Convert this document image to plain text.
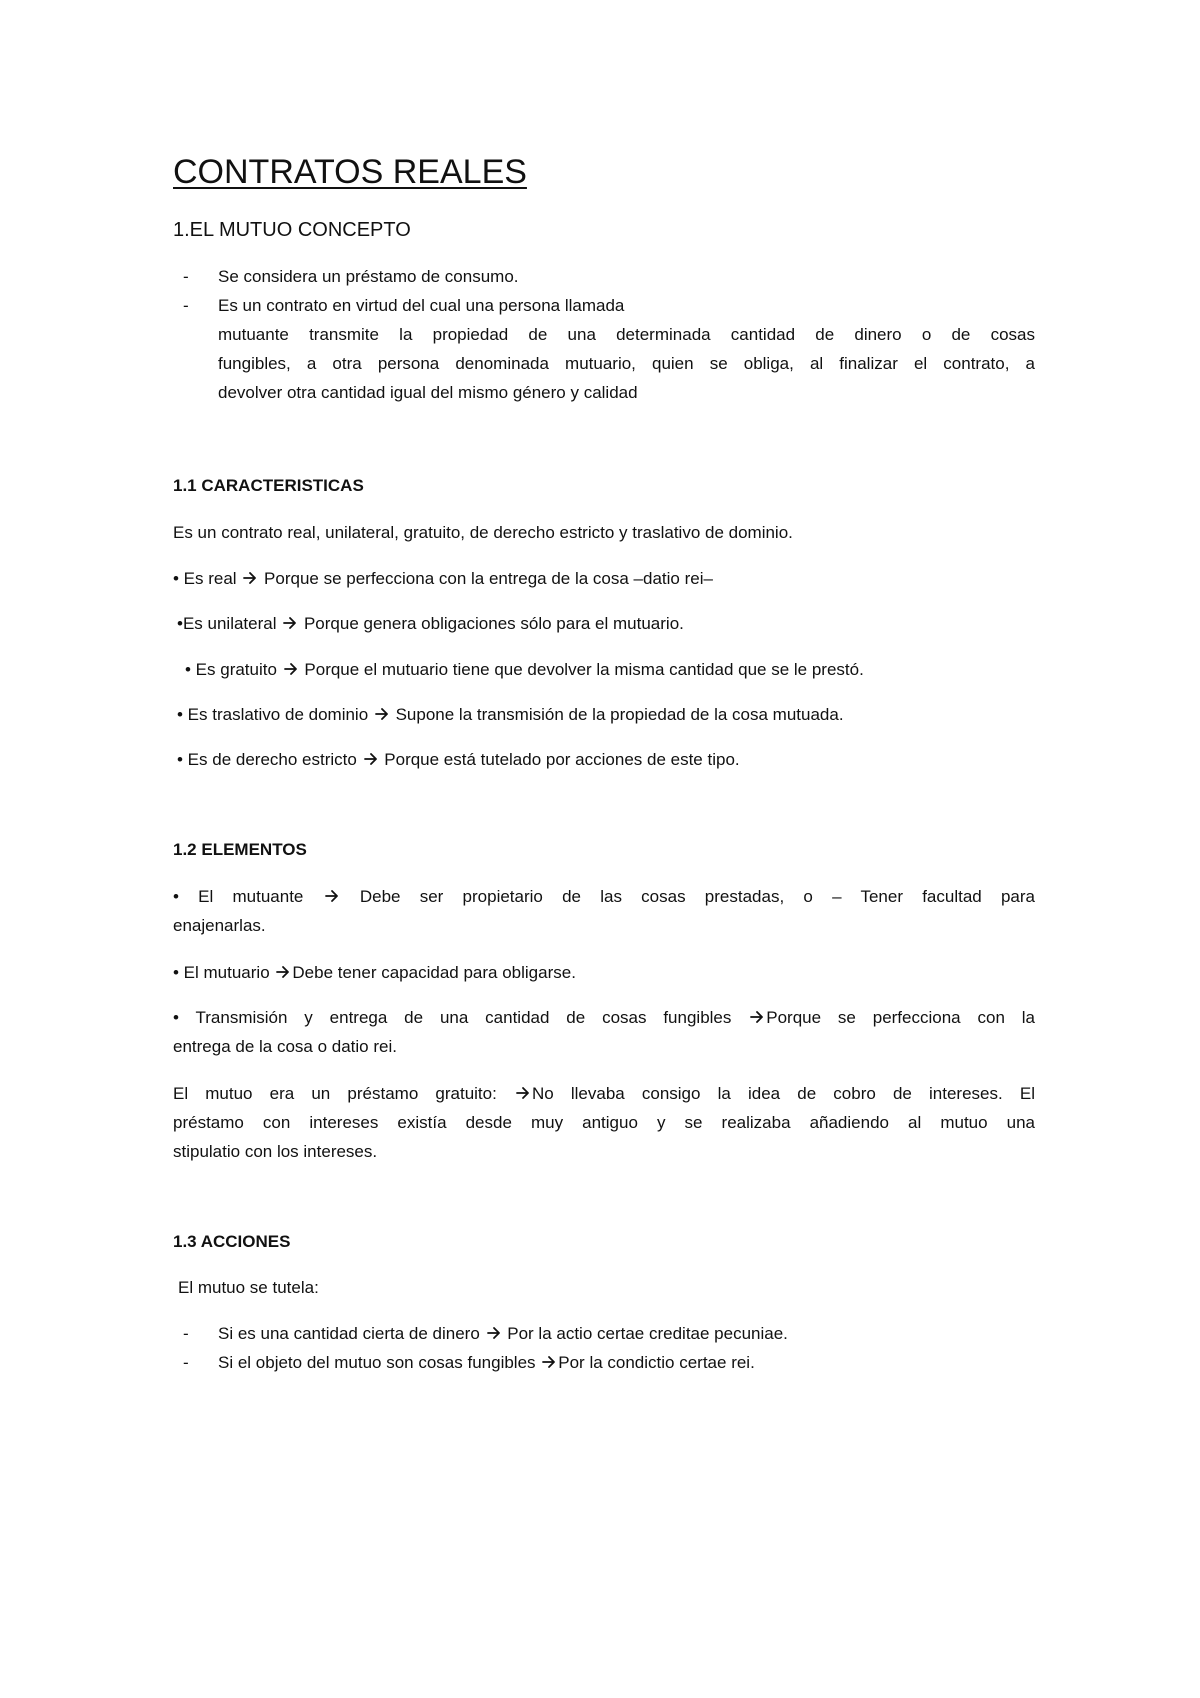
CONTRATOS REALES
1.EL MUTUO CONCEPTO
-	Se considera un préstamo de consumo.
-	Es un contrato en virtud del cual una persona llamada
mutuante transmite la propiedad de una determinada cantidad de dinero o de cosas
fungibles, a otra persona denominada mutuario, quien se obliga, al finalizar el contrato, a
devolver otra cantidad igual del mismo género y calidad
1.1 CARACTERISTICAS
Es un contrato real, unilateral, gratuito, de derecho estricto y traslativo de dominio.
• Es real  Porque se perfecciona con la entrega de la cosa –datio rei–
•Es unilateral  Porque genera obligaciones sólo para el mutuario.
• Es gratuito  Porque el mutuario tiene que devolver la misma cantidad que se le prestó.
• Es traslativo de dominio  Supone la transmisión de la propiedad de la cosa mutuada.
• Es de derecho estricto  Porque está tutelado por acciones de este tipo.
1.2 ELEMENTOS
• El mutuante  Debe ser propietario de las cosas prestadas, o – Tener facultad para
enajenarlas.
• El mutuario Debe tener capacidad para obligarse.
• Transmisión y entrega de una cantidad de cosas fungibles Porque se perfecciona con la
entrega de la cosa o datio rei.
El mutuo era un préstamo gratuito: No llevaba consigo la idea de cobro de intereses. El
préstamo con intereses existía desde muy antiguo y se realizaba añadiendo al mutuo una
stipulatio con los intereses.
1.3 ACCIONES
El mutuo se tutela:
-	Si es una cantidad cierta de dinero  Por la actio certae creditae pecuniae.
-	Si el objeto del mutuo son cosas fungibles Por la condictio certae rei.
